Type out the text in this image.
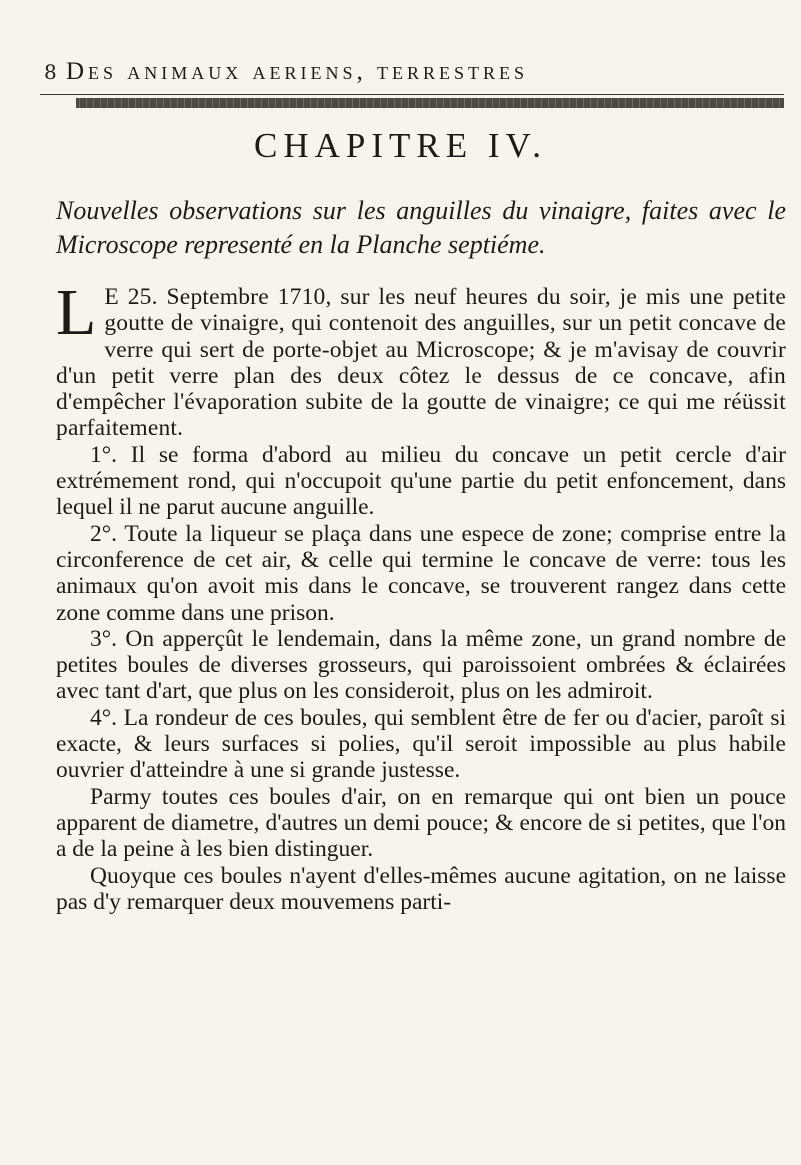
8 Des animaux aeriens, terrestres
CHAPITRE IV.
Nouvelles observations sur les anguilles du vinaigre, faites avec le Microscope representé en la Planche septiéme.

L E 25. Septembre 1710, sur les neuf heures du soir, je mis une petite goutte de vinaigre, qui contenoit des anguilles, sur un petit concave de verre qui sert de porte-objet au Microscope; & je m'avisay de couvrir d'un petit verre plan des deux côtez le dessus de ce concave, afin d'empêcher l'évaporation subite de la goutte de vinaigre; ce qui me réüssit parfaitement.

1°. Il se forma d'abord au milieu du concave un petit cercle d'air extrémement rond, qui n'occupoit qu'une partie du petit enfoncement, dans lequel il ne parut aucune anguille.

2°. Toute la liqueur se plaça dans une espece de zone; comprise entre la circonference de cet air, & celle qui termine le concave de verre: tous les animaux qu'on avoit mis dans le concave, se trouverent rangez dans cette zone comme dans une prison.

3°. On apperçût le lendemain, dans la même zone, un grand nombre de petites boules de diverses grosseurs, qui paroissoient ombrées & éclairées avec tant d'art, que plus on les consideroit, plus on les admiroit.

4°. La rondeur de ces boules, qui semblent être de fer ou d'acier, paroît si exacte, & leurs surfaces si polies, qu'il seroit impossible au plus habile ouvrier d'atteindre à une si grande justesse.

Parmy toutes ces boules d'air, on en remarque qui ont bien un pouce apparent de diametre, d'autres un demi pouce; & encore de si petites, que l'on a de la peine à les bien distinguer.

Quoyque ces boules n'ayent d'elles-mêmes aucune agitation, on ne laisse pas d'y remarquer deux mouvemens parti-
